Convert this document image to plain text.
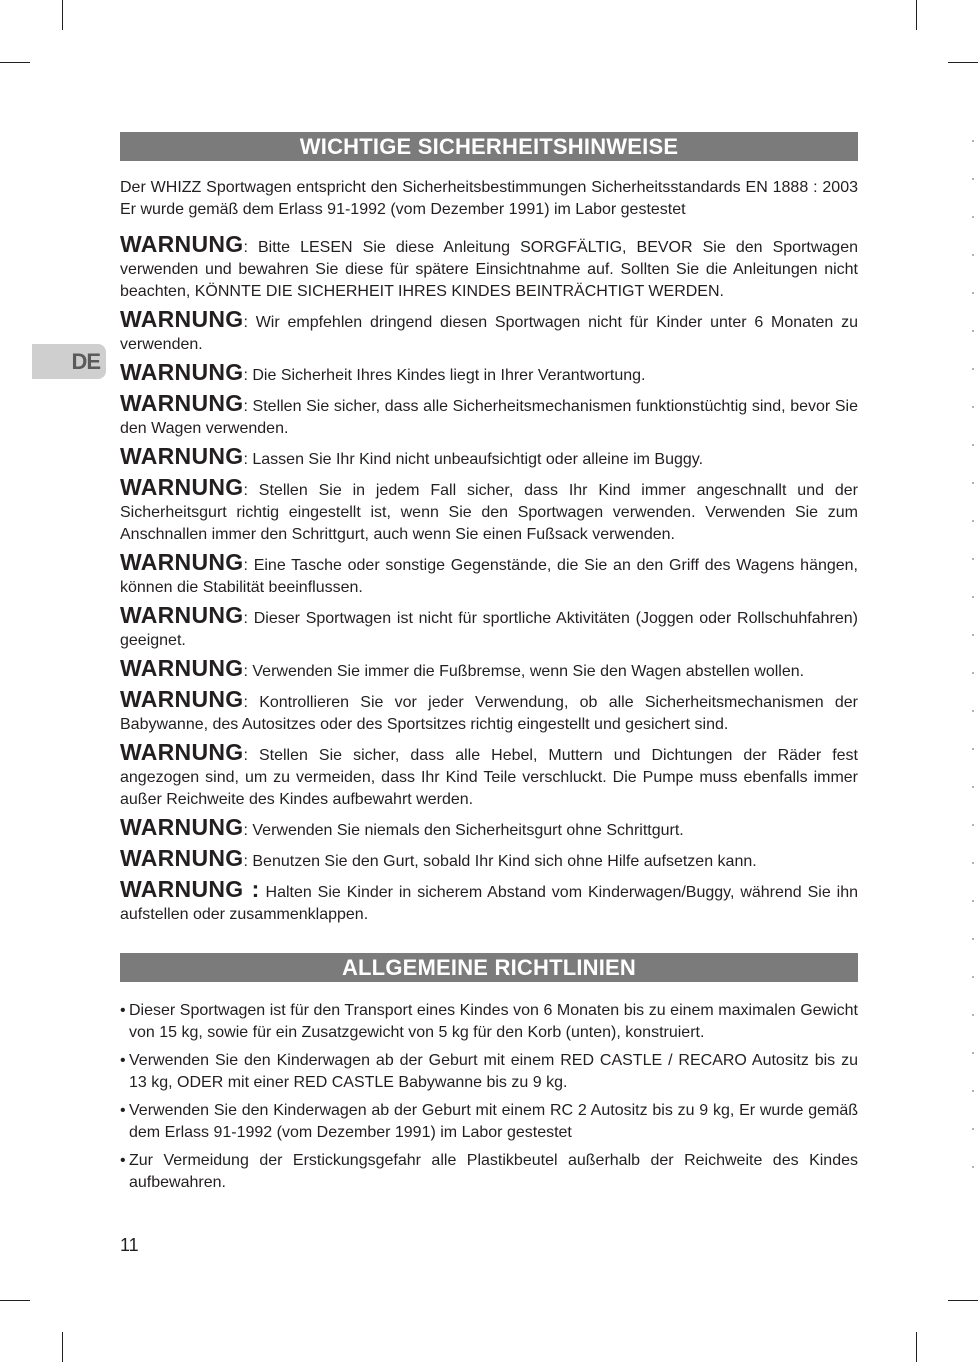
DE
WICHTIGE SICHERHEITSHINWEISE
Der WHIZZ Sportwagen entspricht den Sicherheitsbestimmungen Sicherheitsstandards EN 1888 : 2003 Er wurde gemäß dem Erlass 91-1992 (vom Dezember 1991) im Labor gestestet

WARNUNG: Bitte LESEN Sie diese Anleitung SORGFÄLTIG, BEVOR Sie den Sportwagen verwenden und bewahren Sie diese für spätere Einsichtnahme auf. Sollten Sie die Anleitungen nicht beachten, KÖNNTE DIE SICHERHEIT IHRES KINDES BEINTRÄCHTIGT WERDEN.

WARNUNG: Wir empfehlen dringend diesen Sportwagen nicht für Kinder unter 6 Monaten zu verwenden.

WARNUNG: Die Sicherheit Ihres Kindes liegt in Ihrer Verantwortung.

WARNUNG: Stellen Sie sicher, dass alle Sicherheitsmechanismen funktionstüchtig sind, bevor Sie den Wagen verwenden.

WARNUNG: Lassen Sie Ihr Kind nicht unbeaufsichtigt oder alleine im Buggy.

WARNUNG: Stellen Sie in jedem Fall sicher, dass Ihr Kind immer angeschnallt und der Sicherheitsgurt richtig eingestellt ist, wenn Sie den Sportwagen verwenden. Verwenden Sie zum Anschnallen immer den Schrittgurt, auch wenn Sie einen Fußsack verwenden.

WARNUNG: Eine Tasche oder sonstige Gegenstände, die Sie an den Griff des Wagens hängen, können die Stabilität beeinflussen.

WARNUNG: Dieser Sportwagen ist nicht für sportliche Aktivitäten (Joggen oder Rollschuhfahren) geeignet.

WARNUNG: Verwenden Sie immer die Fußbremse, wenn Sie den Wagen abstellen wollen.

WARNUNG: Kontrollieren Sie vor jeder Verwendung, ob alle Sicherheitsmechanismen der Babywanne, des Autositzes oder des Sportsitzes richtig eingestellt und gesichert sind.

WARNUNG: Stellen Sie sicher, dass alle Hebel, Muttern und Dichtungen der Räder fest angezogen sind, um zu vermeiden, dass Ihr Kind Teile verschluckt. Die Pumpe muss ebenfalls immer außer Reichweite des Kindes aufbewahrt werden.

WARNUNG: Verwenden Sie niemals den Sicherheitsgurt ohne Schrittgurt.

WARNUNG: Benutzen Sie den Gurt, sobald Ihr Kind sich ohne Hilfe aufsetzen kann.

WARNUNG : Halten Sie Kinder in sicherem Abstand vom Kinderwagen/Buggy, während Sie ihn aufstellen oder zusammenklappen.

ALLGEMEINE RICHTLINIEN
• Dieser Sportwagen ist für den Transport eines Kindes von 6 Monaten bis zu einem maximalen Gewicht von 15 kg, sowie für ein Zusatzgewicht von 5 kg für den Korb (unten), konstruiert.
• Verwenden Sie den Kinderwagen ab der Geburt mit einem RED CASTLE / RECARO Autositz bis zu 13 kg, ODER mit einer RED CASTLE Babywanne bis zu 9 kg.
• Verwenden Sie den Kinderwagen ab der Geburt mit einem RC 2 Autositz bis zu 9 kg, Er wurde gemäß dem Erlass 91-1992 (vom Dezember 1991) im Labor gestestet
• Zur Vermeidung der Erstickungsgefahr alle Plastikbeutel außerhalb der Reichweite des Kindes aufbewahren.
11
